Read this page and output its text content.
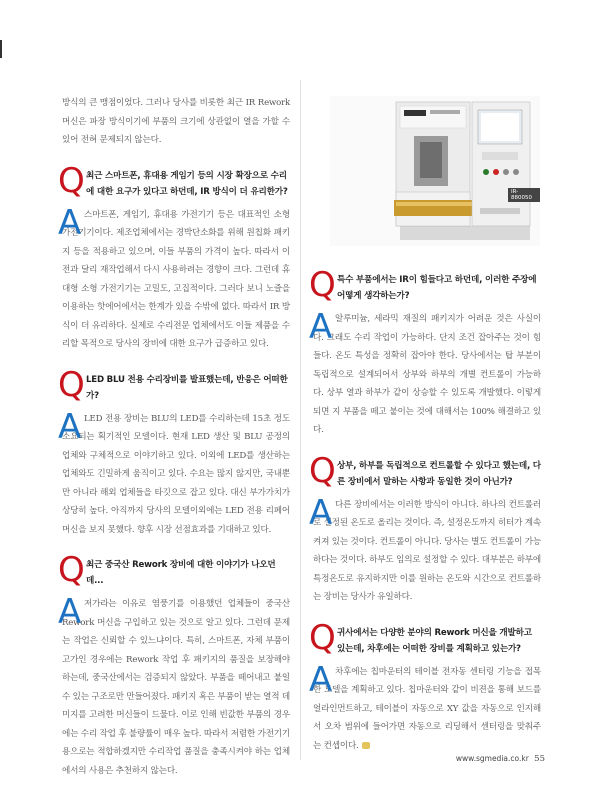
방식의 큰 맹점이었다. 그러나 당사를 비롯한 최근 IR Rework 머신은 파장 방식이기에 부품의 크기에 상관없이 열을 가할 수 있어 전혀 문제되지 않는다.

Q 최근 스마트폰, 휴대용 게임기 등의 시장 확장으로 수리에 대한 요구가 있다고 하던데, IR 방식이 더 유리한가?
A 스마트폰, 게임기, 휴대용 가전기기 등은 대표적인 소형 가전기기이다. 제조업체에서는 경박단소화를 위해 원칩화 패키지 등을 적용하고 있으며, 이들 부품의 가격이 높다. 따라서 이전과 달리 재작업해서 다시 사용하려는 경향이 크다. 그런데 휴대형 소형 가전기기는 고밀도, 고집적이다. 그러다 보니 노즐을 이용하는 핫에어에서는 한계가 있을 수밖에 없다. 따라서 IR 방식이 더 유리하다. 실제로 수리전문 업체에서도 이들 제품을 수리할 목적으로 당사의 장비에 대한 요구가 급증하고 있다.
Q LED BLU 전용 수리장비를 발표했는데, 반응은 어떠한가?
A LED 전용 장비는 BLU의 LED를 수리하는데 15초 정도 소요되는 획기적인 모델이다. 현재 LED 생산 및 BLU 공정의 업체와 구체적으로 이야기하고 있다. 이외에 LED를 생산하는 업체와도 긴밀하게 움직이고 있다. 수요는 많지 않지만, 국내뿐만 아니라 해외 업체들을 타깃으로 잡고 있다. 대신 부가가치가 상당히 높다. 아직까지 당사의 모델이외에는 LED 전용 리페어 머신을 보지 못했다. 향후 시장 선점효과를 기대하고 있다.
Q 최근 중국산 Rework 장비에 대한 이야기가 나오던데...
A 저가라는 이유로 염풍기를 이용했던 업체들이 중국산 Rework 머신을 구입하고 있는 것으로 알고 있다. 그런데 문제는 작업은 신뢰할 수 있느냐이다. 특히, 스마트폰, 자체 부품이 고가인 경우에는 Rework 작업 후 패키지의 품질을 보장해야 하는데, 중국산에서는 검증되지 않았다. 부품을 떼어내고 붙일 수 있는 구조로만 만들어졌다. 패키지 혹은 부품이 받는 열적 데미지를 고려한 머신들이 드물다. 이로 인해 빈값한 부품의 경우에는 수리 작업 후 불량률이 매우 높다. 따라서 저렴한 가전기기용으로는 적합하겠지만 수리작업 품질을 충족시켜야 하는 업체에서의 사용은 추천하지 않는다.
IR-880050
Q 특수 부품에서는 IR이 힘들다고 하던데, 이러한 주장에 어떻게 생각하는가?
A 알루미늄, 세라믹 재질의 패키지가 어려운 것은 사실이다. 그래도 수리 작업이 가능하다. 단지 조건 잡아주는 것이 힘들다. 온도 특성을 정확히 잡아야 한다. 당사에서는 탑 부분이 독립적으로 설계되어서 상부와 하부의 개별 컨트롤이 가능하다. 상부 열과 하부가 같이 상승할 수 있도록 개발했다. 이렇게 되면 지 부품을 떼고 붙이는 것에 대해서는 100% 해결하고 있다.
Q 상부, 하부를 독립적으로 컨트롤할 수 있다고 했는데, 다른 장비에서 말하는 사항과 동일한 것이 아닌가?
A 다른 장비에서는 이러한 방식이 아니다. 하나의 컨트롤러로 설정된 온도로 올리는 것이다. 즉, 설정온도까지 히터가 계속 켜져 있는 것이다. 컨트롤이 아니다. 당사는 별도 컨트롤이 가능하다는 것이다. 하부도 임의로 설정할 수 있다. 대부분은 하부에 특정온도로 유지하지만 이를 원하는 온도와 시간으로 컨트롤하는 장비는 당사가 유일하다.
Q 귀사에서는 다양한 분야의 Rework 머신을 개발하고 있는데, 차후에는 어떠한 장비를 계획하고 있는가?
A 차후에는 칩마운터의 테이블 전자동 센터링 기능을 접목한 모델을 계획하고 있다. 칩마운터와 같이 비젼을 통해 보드를 얼라인먼트하고, 테이블이 자동으로 XY 값을 자동으로 인지해서 오차 범위에 들어가면 자동으로 리딩해서 센터링을 맞춰주는 컨셉이다.
www.sgmedia.co.kr 55
